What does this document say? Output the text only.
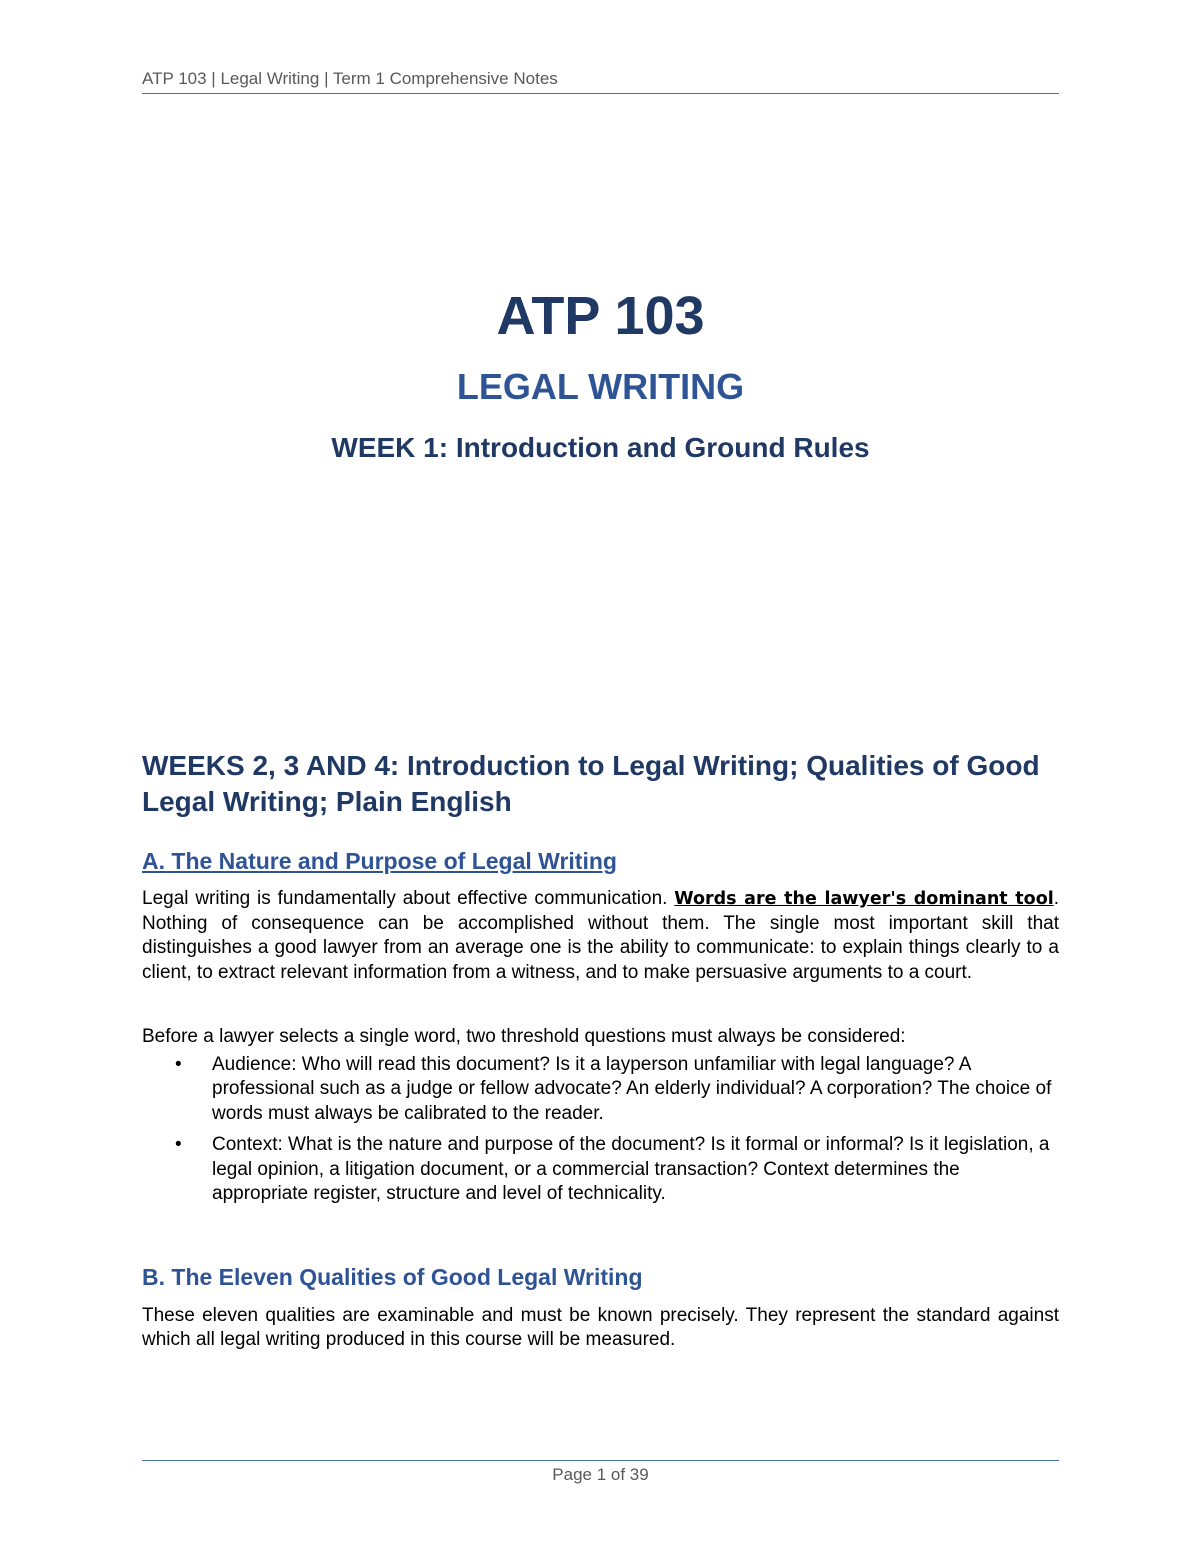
ATP 103 | Legal Writing | Term 1 Comprehensive Notes
ATP 103
LEGAL WRITING
WEEK 1: Introduction and Ground Rules
WEEKS 2, 3 AND 4: Introduction to Legal Writing; Qualities of Good Legal Writing; Plain English
A. The Nature and Purpose of Legal Writing

Legal writing is fundamentally about effective communication. Words are the lawyer's dominant tool. Nothing of consequence can be accomplished without them. The single most important skill that distinguishes a good lawyer from an average one is the ability to communicate: to explain things clearly to a client, to extract relevant information from a witness, and to make persuasive arguments to a court.

Before a lawyer selects a single word, two threshold questions must always be considered:

• Audience: Who will read this document? Is it a layperson unfamiliar with legal language? A professional such as a judge or fellow advocate? An elderly individual? A corporation? The choice of words must always be calibrated to the reader.
• Context: What is the nature and purpose of the document? Is it formal or informal? Is it legislation, a legal opinion, a litigation document, or a commercial transaction? Context determines the appropriate register, structure and level of technicality.
B. The Eleven Qualities of Good Legal Writing

These eleven qualities are examinable and must be known precisely. They represent the standard against which all legal writing produced in this course will be measured.

Page 1 of 39
